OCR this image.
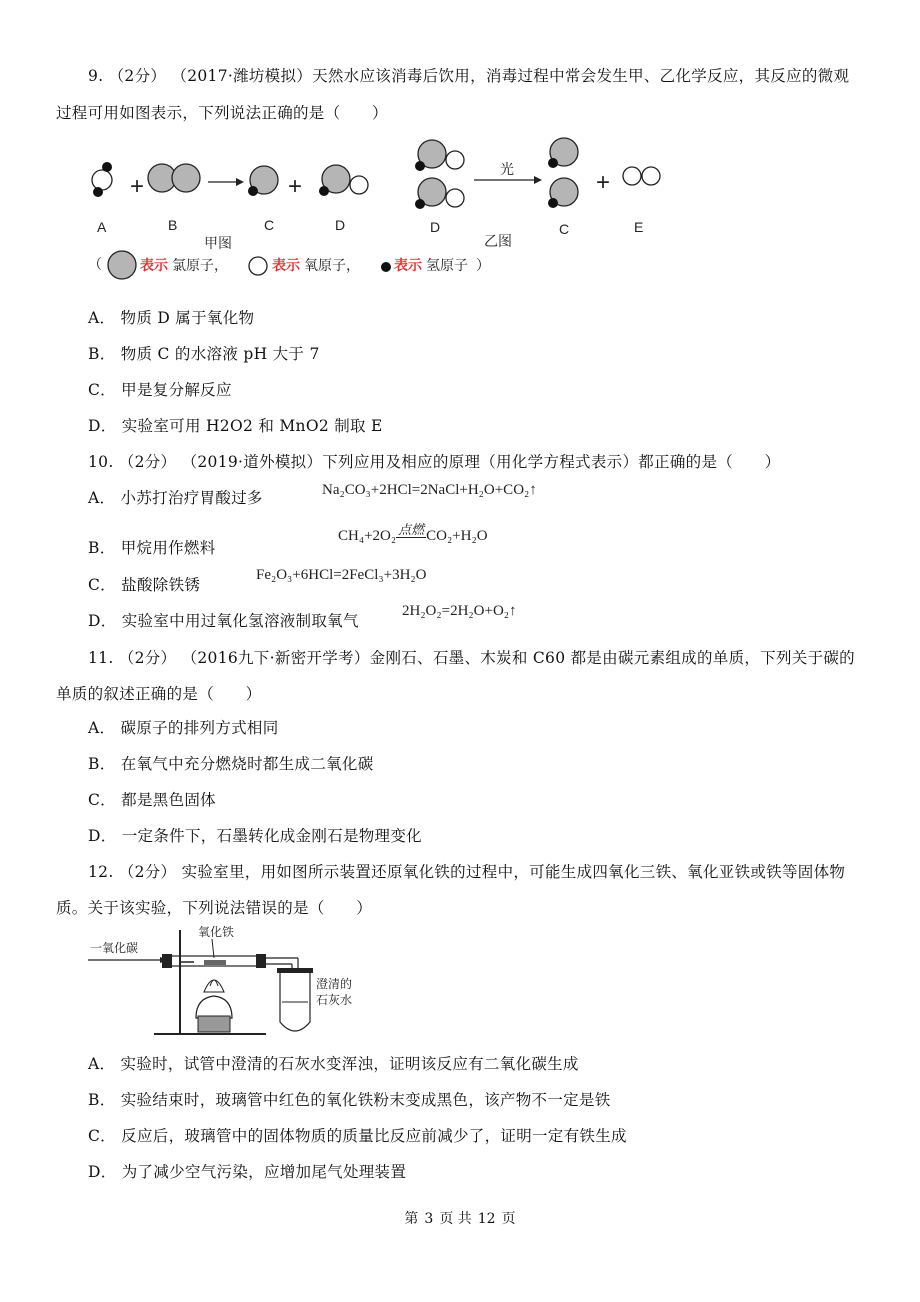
9. （2分） （2017·潍坊模拟）天然水应该消毒后饮用，消毒过程中常会发生甲、乙化学反应，其反应的微观
过程可用如图表示，下列说法正确的是（　　）
+	+
光	+
A	B	C	D	D	C	E
甲图	乙图
（	表示 氯原子，	表示 氧原子， 表示 氢原子 ）
A． 物质 D 属于氧化物
B． 物质 C 的水溶液 pH 大于 7
C． 甲是复分解反应
D． 实验室可用 H2O2 和 MnO2 制取 E
10. （2分） （2019·道外模拟）下列应用及相应的原理（用化学方程式表示）都正确的是（　　）
A． 小苏打治疗胃酸过多	Na₂CO₃+2HCl=2NaCl+H₂O+CO₂↑
B． 甲烷用作燃料
CH₄+2O₂ 点燃 CO₂+H₂O
C． 盐酸除铁锈
Fe₂O₃+6HCl=2FeCl₃+3H₂O
D． 实验室中用过氧化氢溶液制取氧气
2H₂O₂=2H₂O+O₂↑
11. （2分） （2016九下·新密开学考）金刚石、石墨、木炭和 C60 都是由碳元素组成的单质，下列关于碳的
单质的叙述正确的是（　　）
A． 碳原子的排列方式相同
B． 在氧气中充分燃烧时都生成二氧化碳
C． 都是黑色固体
D． 一定条件下，石墨转化成金刚石是物理变化
12. （2分） 实验室里，用如图所示装置还原氧化铁的过程中，可能生成四氧化三铁、氧化亚铁或铁等固体物
质。关于该实验，下列说法错误的是（　　）
一氧化碳
氧化铁
澄清的
石灰水
A． 实验时，试管中澄清的石灰水变浑浊，证明该反应有二氧化碳生成
B． 实验结束时，玻璃管中红色的氧化铁粉末变成黑色，该产物不一定是铁
C． 反应后，玻璃管中的固体物质的质量比反应前减少了，证明一定有铁生成
D． 为了减少空气污染，应增加尾气处理装置
第 3 页 共 12 页
